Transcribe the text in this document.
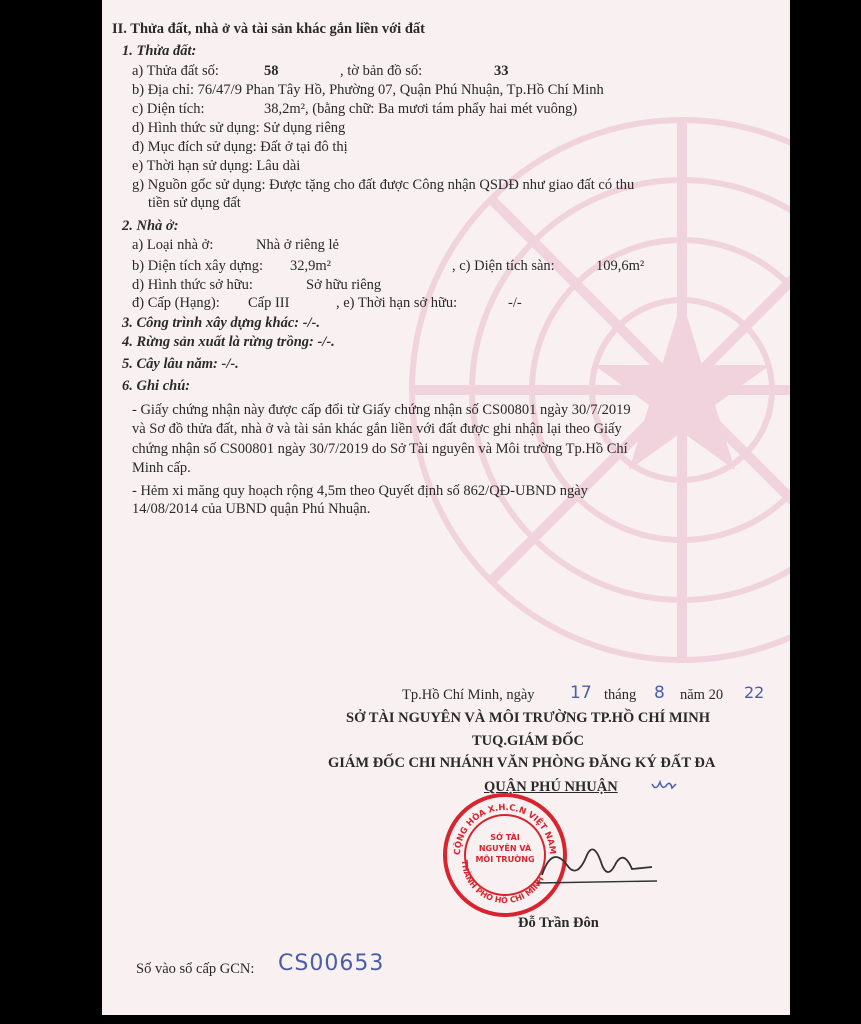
II. Thửa đất, nhà ở và tài sản khác gắn liền với đất
1. Thửa đất:
a) Thửa đất số:	58	, tờ bản đồ số:	33
b) Địa chỉ: 76/47/9 Phan Tây Hồ, Phường 07, Quận Phú Nhuận, Tp.Hồ Chí Minh
c) Diện tích:	38,2m², (bằng chữ: Ba mươi tám phẩy hai mét vuông)
d) Hình thức sử dụng: Sử dụng riêng
đ) Mục đích sử dụng: Đất ở tại đô thị
e) Thời hạn sử dụng: Lâu dài
g) Nguồn gốc sử dụng: Được tặng cho đất được Công nhận QSDĐ như giao đất có thu
tiền sử dụng đất
2. Nhà ở:
a) Loại nhà ở:	Nhà ở riêng lẻ
b) Diện tích xây dựng: 32,9m²	, c) Diện tích sàn:	109,6m²
d) Hình thức sở hữu:	Sở hữu riêng
đ) Cấp (Hạng): Cấp III	, e) Thời hạn sở hữu:	-/-
3. Công trình xây dựng khác: -/-.
4. Rừng sản xuất là rừng trồng: -/-.
5. Cây lâu năm: -/-.
6. Ghi chú:
- Giấy chứng nhận này được cấp đổi từ Giấy chứng nhận số CS00801 ngày 30/7/2019
và Sơ đồ thửa đất, nhà ở và tài sản khác gắn liền với đất được ghi nhận lại theo Giấy
chứng nhận số CS00801 ngày 30/7/2019 do Sở Tài nguyên và Môi trường Tp.Hồ Chí
Minh cấp.
- Hẻm xi măng quy hoạch rộng 4,5m theo Quyết định số 862/QĐ-UBND ngày
14/08/2014 của UBND quận Phú Nhuận.
Tp.Hồ Chí Minh, ngày 17 tháng 8 năm 20 22
SỞ TÀI NGUYÊN VÀ MÔI TRƯỜNG TP.HỒ CHÍ MINH
TUQ.GIÁM ĐỐC
GIÁM ĐỐC CHI NHÁNH VĂN PHÒNG ĐĂNG KÝ ĐẤT ĐA
QUẬN PHÚ NHUẬN
CỘNG HÒA X.H.C.N VIỆT NAM
THÀNH PHỐ HỒ CHÍ MINH
SỞ TÀI NGUYÊN VÀ MÔI TRƯỜNG
Đỗ Trần Đôn
Số vào sổ cấp GCN: CS00653
